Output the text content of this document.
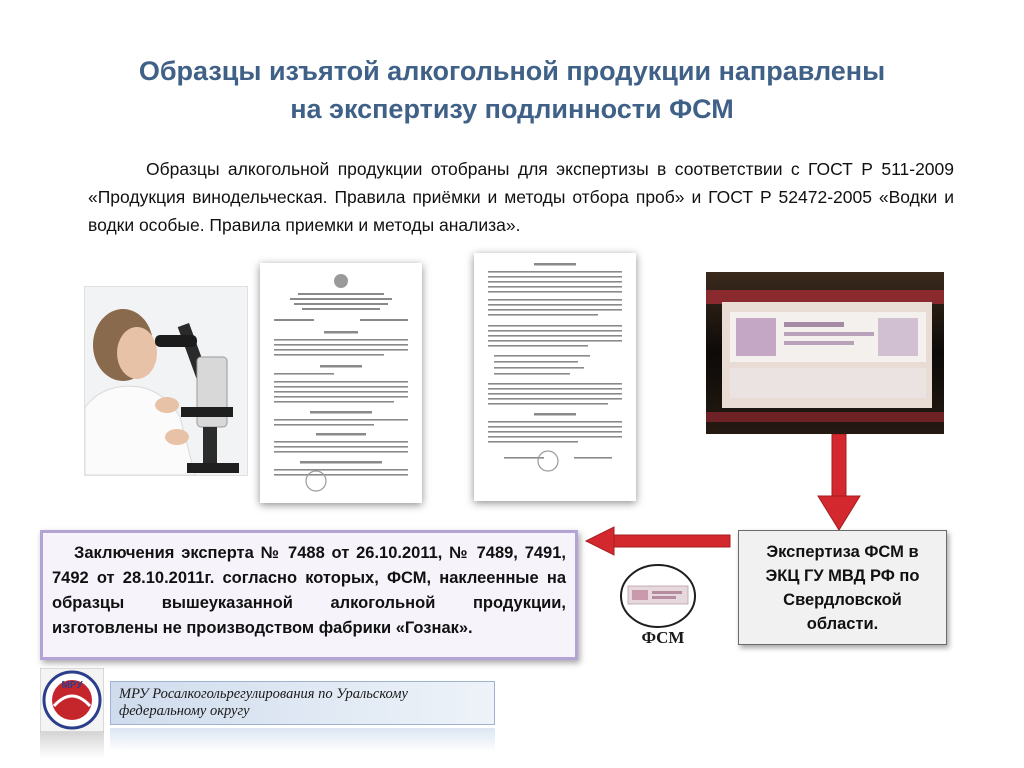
Образцы изъятой алкогольной продукции направлены
на экспертизу подлинности ФСМ
Образцы алкогольной продукции отобраны для экспертизы в соответствии с ГОСТ Р 511-2009 «Продукция винодельческая. Правила приёмки и методы отбора проб» и ГОСТ Р 52472-2005 «Водки и водки особые. Правила приемки и методы анализа».
Заключения эксперта № 7488 от 26.10.2011, № 7489, 7491, 7492 от 28.10.2011г. согласно которых, ФСМ, наклеенные на образцы вышеуказанной алкогольной продукции, изготовлены не производством фабрики «Гознак».
Экспертиза ФСМ в ЭКЦ ГУ МВД РФ по Свердловской области.
ФСМ
МРУ
МРУ Росалкогольрегулирования по Уральскому
федеральному округу
